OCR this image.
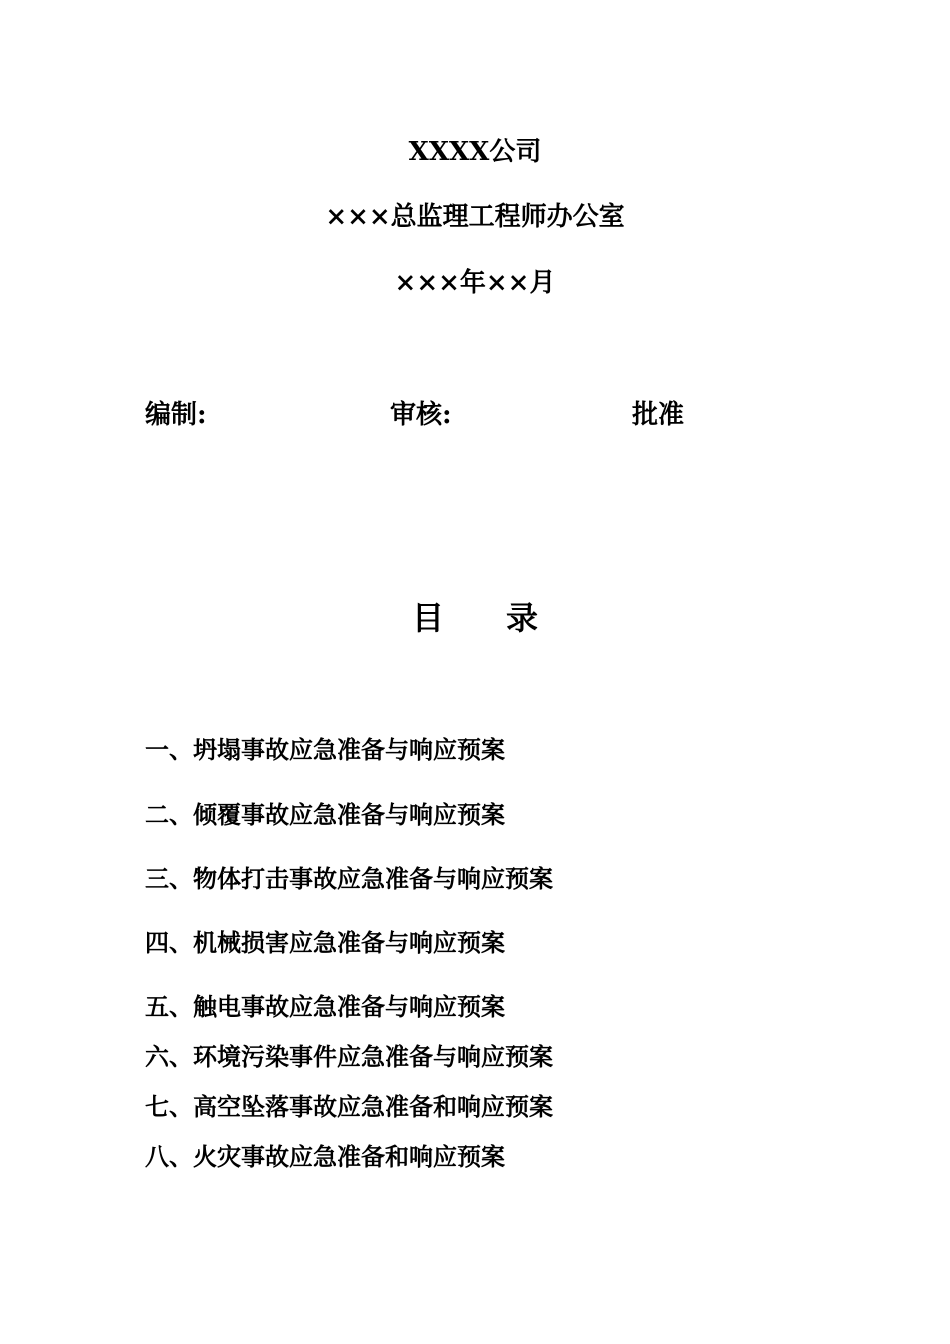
XXXX公司
×××总监理工程师办公室
×××年××月
编制:	审核:	批准
目 录
一、坍塌事故应急准备与响应预案
二、倾覆事故应急准备与响应预案
三、物体打击事故应急准备与响应预案
四、机械损害应急准备与响应预案
五、触电事故应急准备与响应预案
六、环境污染事件应急准备与响应预案
七、高空坠落事故应急准备和响应预案
八、火灾事故应急准备和响应预案
